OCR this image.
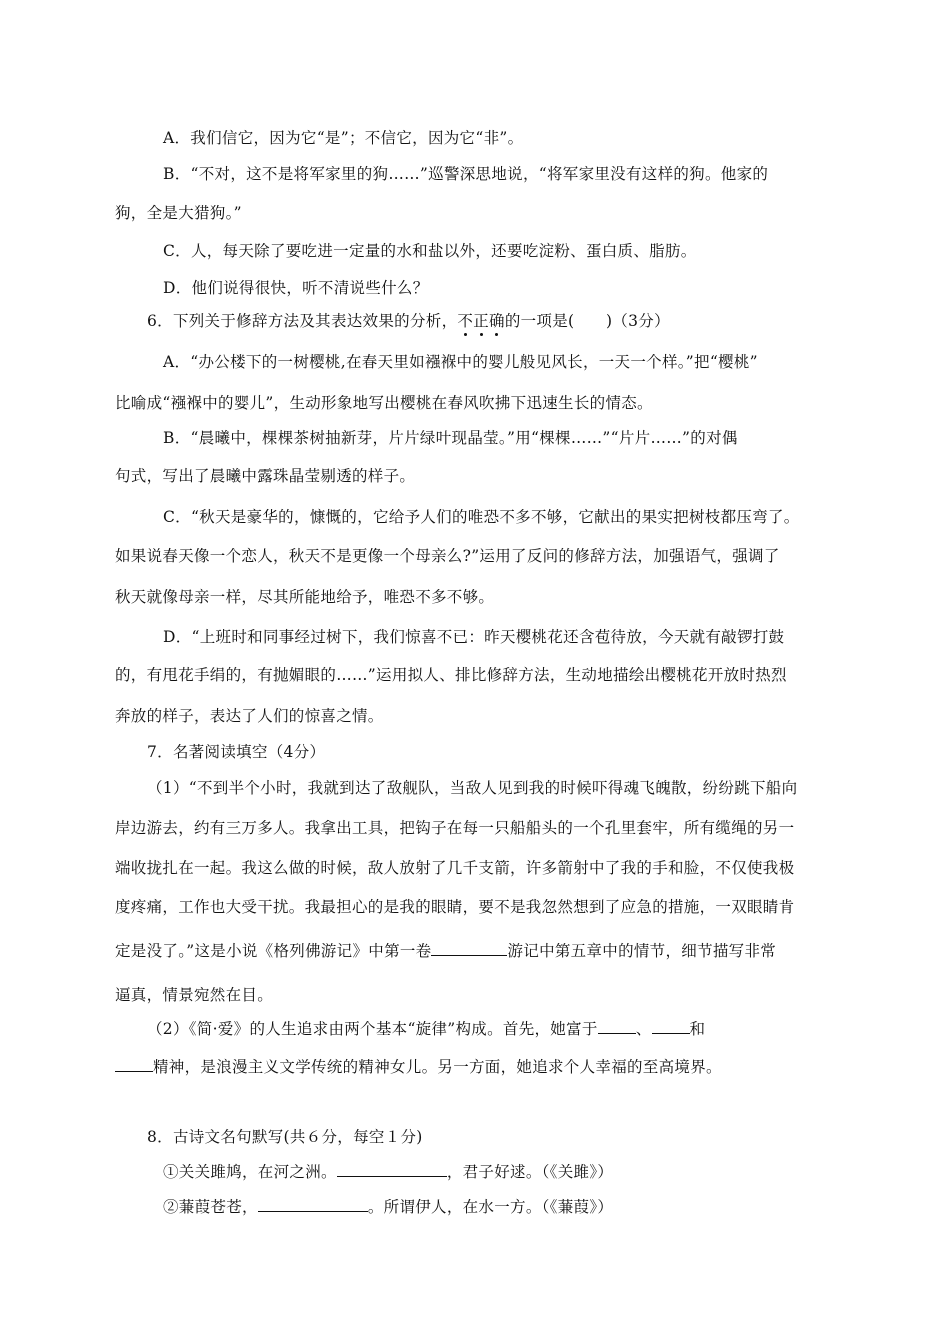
A．我们信它，因为它“是”；不信它，因为它“非”。
B．“不对，这不是将军家里的狗……”巡警深思地说，“将军家里没有这样的狗。他家的
狗，全是大猎狗。”
C．人，每天除了要吃进一定量的水和盐以外，还要吃淀粉、蛋白质、脂肪。
D．他们说得很快，听不清说些什么？
6．下列关于修辞方法及其表达效果的分析，不正确的一项是(　　)（3分）
A．“办公楼下的一树樱桃,在春天里如襁褓中的婴儿般见风长，一天一个样。”把“樱桃”
比喻成“襁褓中的婴儿”，生动形象地写出樱桃在春风吹拂下迅速生长的情态。
B．“晨曦中，棵棵茶树抽新芽，片片绿叶现晶莹。”用“棵棵……”“片片……”的对偶
句式，写出了晨曦中露珠晶莹剔透的样子。
C．“秋天是豪华的，慷慨的，它给予人们的唯恐不多不够，它献出的果实把树枝都压弯了。
如果说春天像一个恋人，秋天不是更像一个母亲么?”运用了反问的修辞方法，加强语气，强调了
秋天就像母亲一样，尽其所能地给予，唯恐不多不够。
D．“上班时和同事经过树下，我们惊喜不已：昨天樱桃花还含苞待放，今天就有敲锣打鼓
的，有甩花手绢的，有抛媚眼的……”运用拟人、排比修辞方法，生动地描绘出樱桃花开放时热烈
奔放的样子，表达了人们的惊喜之情。
7．名著阅读填空（4分）
（1）“不到半个小时，我就到达了敌舰队，当敌人见到我的时候吓得魂飞魄散，纷纷跳下船向
岸边游去，约有三万多人。我拿出工具，把钩子在每一只船船头的一个孔里套牢，所有缆绳的另一
端收拢扎在一起。我这么做的时候，敌人放射了几千支箭，许多箭射中了我的手和脸，不仅使我极
度疼痛，工作也大受干扰。我最担心的是我的眼睛，要不是我忽然想到了应急的措施，一双眼睛肯
定是没了。”这是小说《格列佛游记》中第一卷	游记中第五章中的情节，细节描写非常
逼真，情景宛然在目。
（2）《简·爱》的人生追求由两个基本“旋律”构成。首先，她富于 、 和
精神，是浪漫主义文学传统的精神女儿。另一方面，她追求个人幸福的至高境界。
8．古诗文名句默写(共６分，每空１分)
①关关雎鸠，在河之洲。	，君子好逑。（《关雎》）
②蒹葭苍苍，	。所谓伊人，在水一方。（《蒹葭》）
